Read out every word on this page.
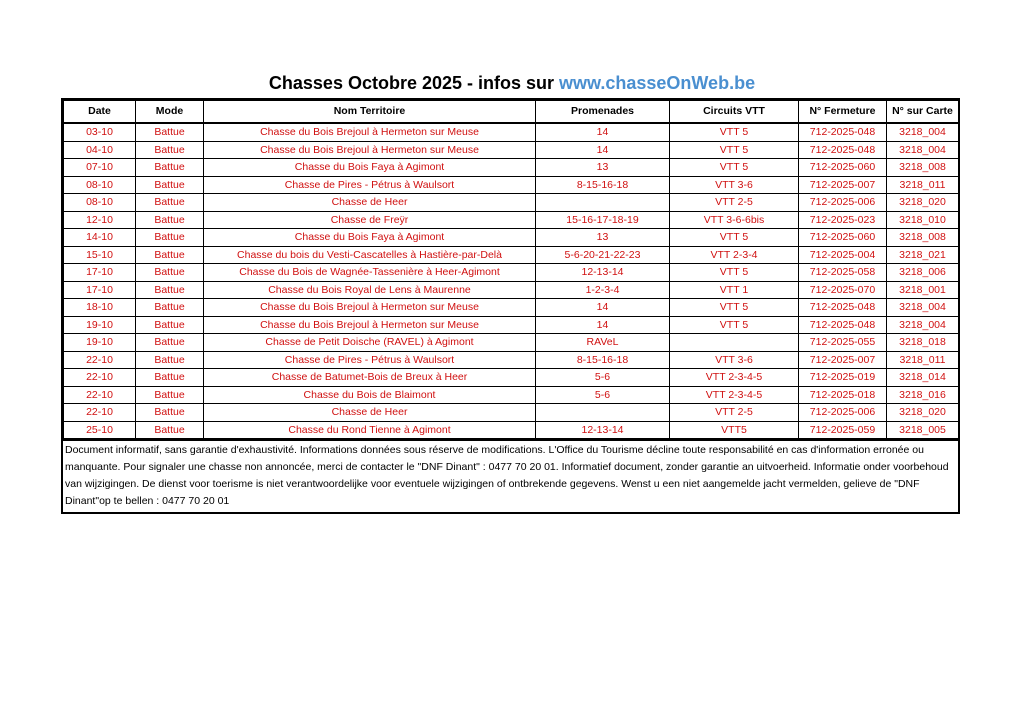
Chasses Octobre 2025 - infos sur www.chasseOnWeb.be
Date	Mode	Nom Territoire	Promenades	Circuits VTT	N° Fermeture	N° sur Carte
03-10	Battue	Chasse du Bois Brejoul à Hermeton sur Meuse	14	VTT 5	712-2025-048	3218_004
04-10	Battue	Chasse du Bois Brejoul à Hermeton sur Meuse	14	VTT 5	712-2025-048	3218_004
07-10	Battue	Chasse du Bois Faya à Agimont	13	VTT 5	712-2025-060	3218_008
08-10	Battue	Chasse de Pires - Pétrus à Waulsort	8-15-16-18	VTT 3-6	712-2025-007	3218_011
08-10	Battue	Chasse de Heer		VTT 2-5	712-2025-006	3218_020
12-10	Battue	Chasse de Freÿr	15-16-17-18-19	VTT 3-6-6bis	712-2025-023	3218_010
14-10	Battue	Chasse du Bois Faya à Agimont	13	VTT 5	712-2025-060	3218_008
15-10	Battue	Chasse du bois du Vesti-Cascatelles à Hastière-par-Delà	5-6-20-21-22-23	VTT 2-3-4	712-2025-004	3218_021
17-10	Battue	Chasse du Bois de Wagnée-Tassenière à Heer-Agimont	12-13-14	VTT 5	712-2025-058	3218_006
17-10	Battue	Chasse du Bois Royal de Lens à Maurenne	1-2-3-4	VTT 1	712-2025-070	3218_001
18-10	Battue	Chasse du Bois Brejoul à Hermeton sur Meuse	14	VTT 5	712-2025-048	3218_004
19-10	Battue	Chasse du Bois Brejoul à Hermeton sur Meuse	14	VTT 5	712-2025-048	3218_004
19-10	Battue	Chasse de Petit Doische (RAVEL) à Agimont	RAVeL		712-2025-055	3218_018
22-10	Battue	Chasse de Pires - Pétrus à Waulsort	8-15-16-18	VTT 3-6	712-2025-007	3218_011
22-10	Battue	Chasse de Batumet-Bois de Breux à Heer	5-6	VTT 2-3-4-5	712-2025-019	3218_014
22-10	Battue	Chasse du Bois de Blaimont	5-6	VTT 2-3-4-5	712-2025-018	3218_016
22-10	Battue	Chasse de Heer		VTT 2-5	712-2025-006	3218_020
25-10	Battue	Chasse du Rond Tienne à Agimont	12-13-14	VTT5	712-2025-059	3218_005
Document informatif, sans garantie d'exhaustivité. Informations données sous réserve de modifications. L'Office du Tourisme décline toute responsabilité en cas d'information erronée ou manquante. Pour signaler une chasse non annoncée, merci de contacter le "DNF Dinant" : 0477 70 20 01. Informatief document, zonder garantie an uitvoerheid. Informatie onder voorbehoud van wijzigingen. De dienst voor toerisme is niet verantwoordelijke voor eventuele wijzigingen of ontbrekende gegevens. Wenst u een niet aangemelde jacht vermelden, gelieve de "DNF Dinant"op te bellen : 0477 70 20 01
